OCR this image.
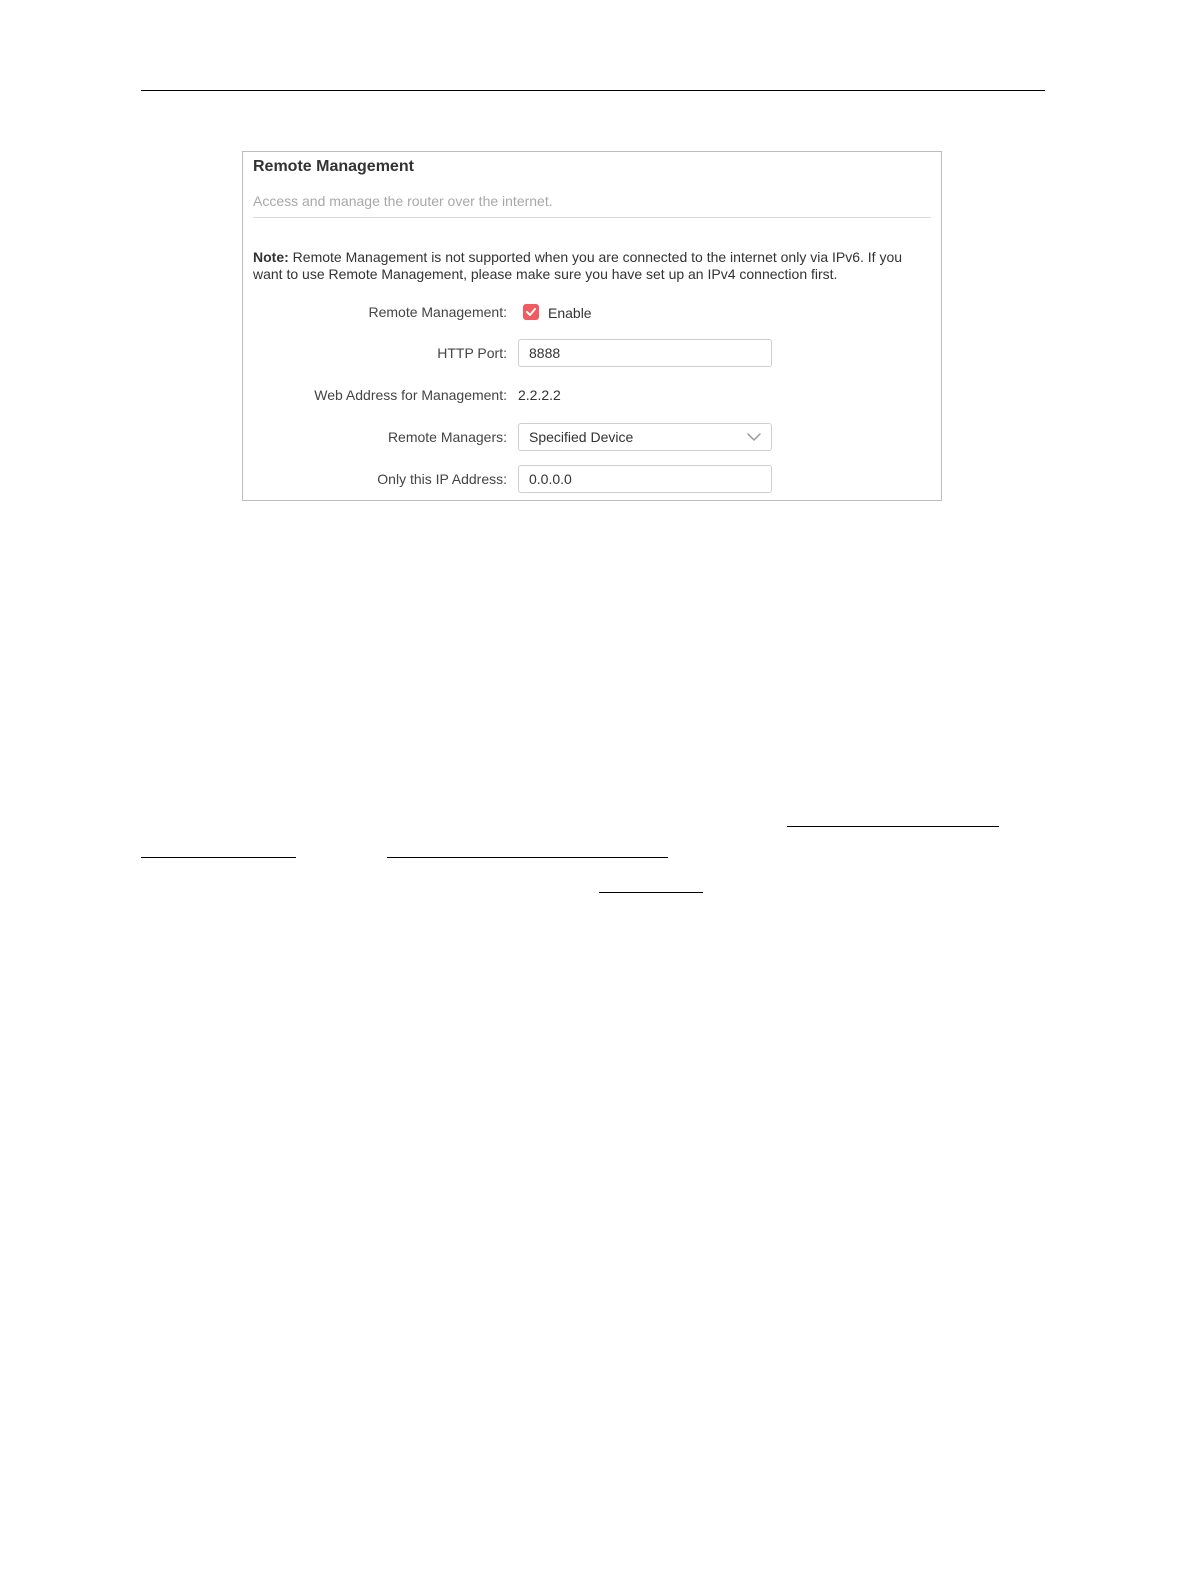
Remote Management
Access and manage the router over the internet.
Note: Remote Management is not supported when you are connected to the internet only via IPv6. If you want to use Remote Management, please make sure you have set up an IPv4 connection first.
Remote Management:	Enable
HTTP Port:
8888
Web Address for Management: 2.2.2.2
Remote Managers: Specified Device
Only this IP Address:
0.0.0.0
